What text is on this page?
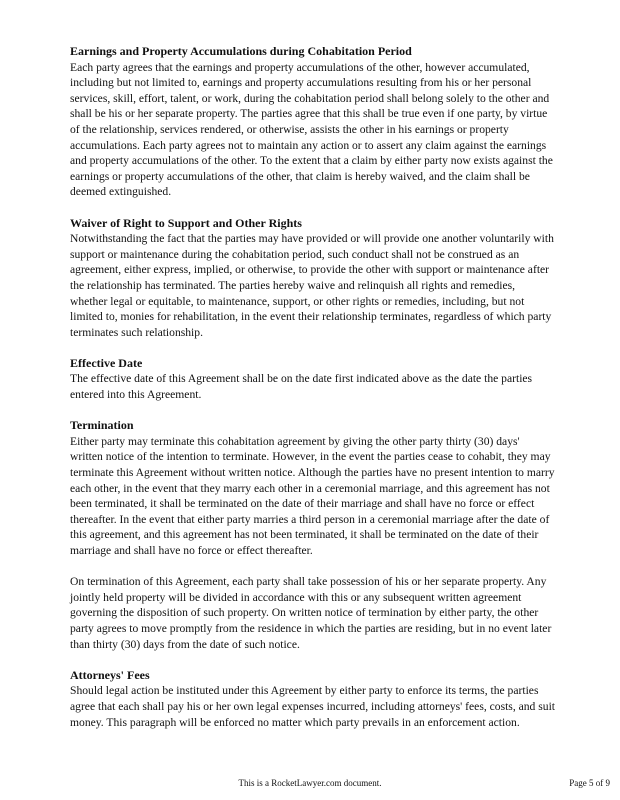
Earnings and Property Accumulations during Cohabitation Period

Each party agrees that the earnings and property accumulations of the other, however accumulated, including but not limited to, earnings and property accumulations resulting from his or her personal services, skill, effort, talent, or work, during the cohabitation period shall belong solely to the other and shall be his or her separate property. The parties agree that this shall be true even if one party, by virtue of the relationship, services rendered, or otherwise, assists the other in his earnings or property accumulations. Each party agrees not to maintain any action or to assert any claim against the earnings and property accumulations of the other. To the extent that a claim by either party now exists against the earnings or property accumulations of the other, that claim is hereby waived, and the claim shall be deemed extinguished.

Waiver of Right to Support and Other Rights

Notwithstanding the fact that the parties may have provided or will provide one another voluntarily with support or maintenance during the cohabitation period, such conduct shall not be construed as an agreement, either express, implied, or otherwise, to provide the other with support or maintenance after the relationship has terminated. The parties hereby waive and relinquish all rights and remedies, whether legal or equitable, to maintenance, support, or other rights or remedies, including, but not limited to, monies for rehabilitation, in the event their relationship terminates, regardless of which party terminates such relationship.

Effective Date

The effective date of this Agreement shall be on the date first indicated above as the date the parties entered into this Agreement.

Termination

Either party may terminate this cohabitation agreement by giving the other party thirty (30) days' written notice of the intention to terminate. However, in the event the parties cease to cohabit, they may terminate this Agreement without written notice. Although the parties have no present intention to marry each other, in the event that they marry each other in a ceremonial marriage, and this agreement has not been terminated, it shall be terminated on the date of their marriage and shall have no force or effect thereafter. In the event that either party marries a third person in a ceremonial marriage after the date of this agreement, and this agreement has not been terminated, it shall be terminated on the date of their marriage and shall have no force or effect thereafter.

On termination of this Agreement, each party shall take possession of his or her separate property. Any jointly held property will be divided in accordance with this or any subsequent written agreement governing the disposition of such property. On written notice of termination by either party, the other party agrees to move promptly from the residence in which the parties are residing, but in no event later than thirty (30) days from the date of such notice.

Attorneys' Fees

Should legal action be instituted under this Agreement by either party to enforce its terms, the parties agree that each shall pay his or her own legal expenses incurred, including attorneys' fees, costs, and suit money. This paragraph will be enforced no matter which party prevails in an enforcement action.

This is a RocketLawyer.com document.	Page 5 of 9
